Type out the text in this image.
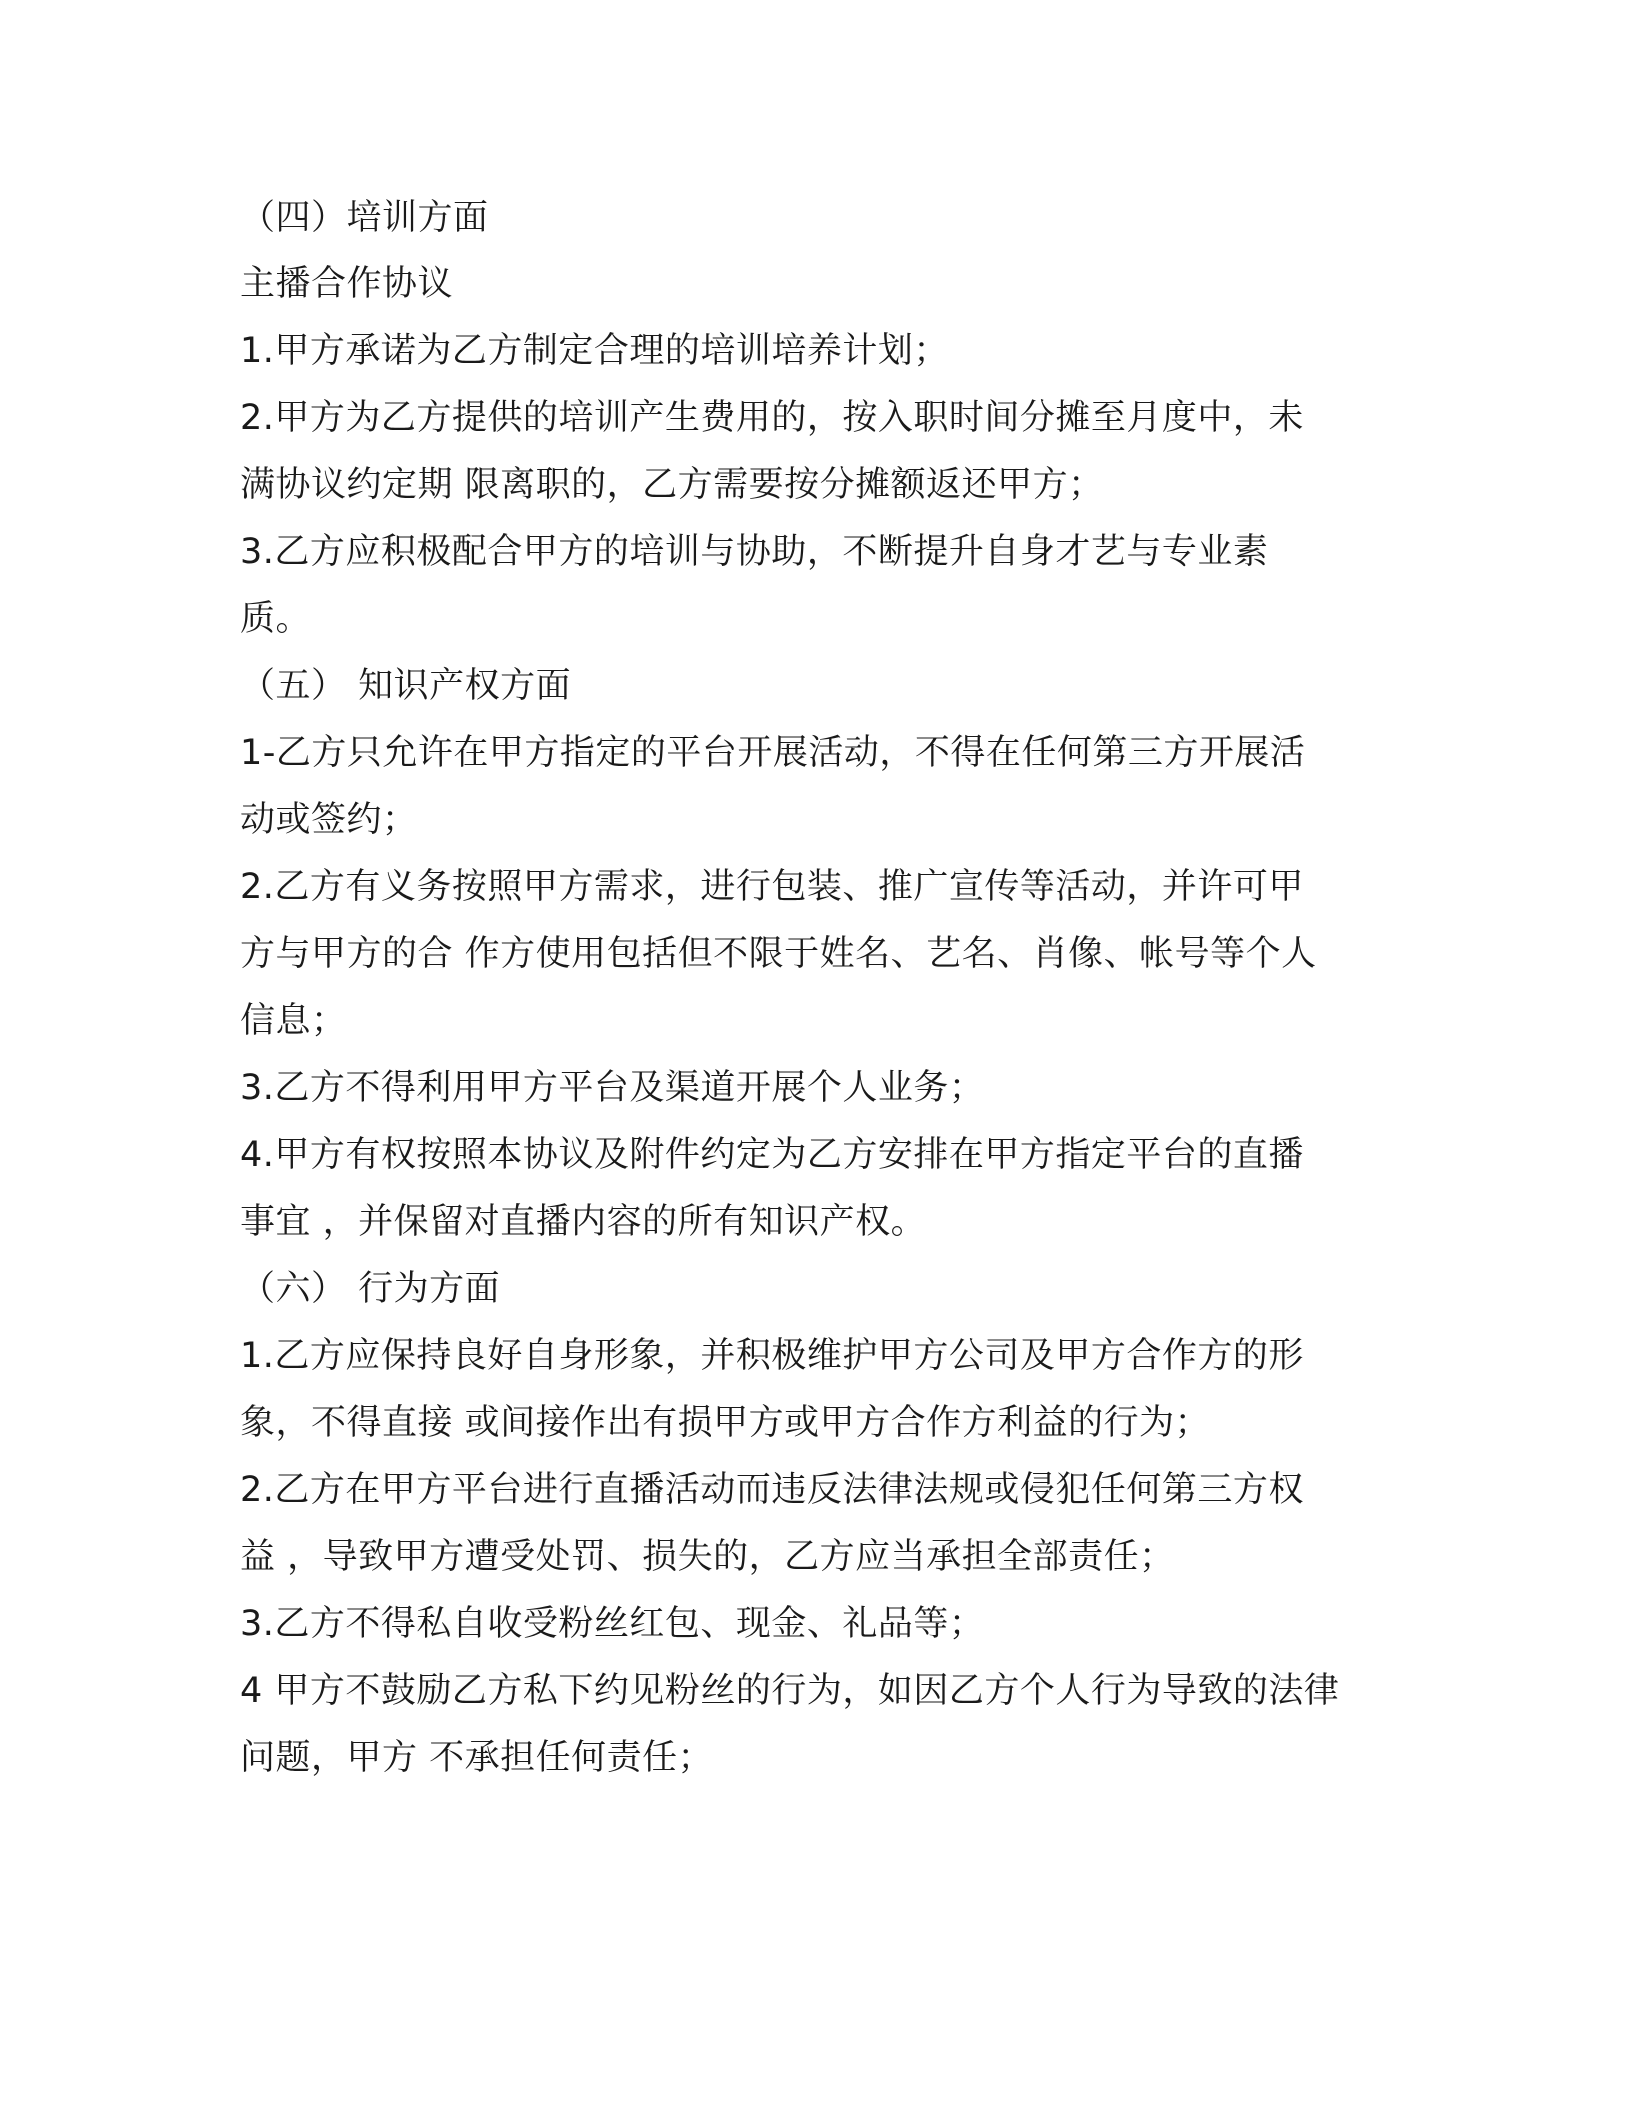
（四）培训方面
主播合作协议
1.甲方承诺为乙方制定合理的培训培养计划；
2.甲方为乙方提供的培训产生费用的，按入职时间分摊至月度中，未
满协议约定期 限离职的，乙方需要按分摊额返还甲方；
3.乙方应积极配合甲方的培训与协助，不断提升自身才艺与专业素
质。
（五） 知识产权方面
1-乙方只允许在甲方指定的平台开展活动，不得在任何第三方开展活
动或签约；
2.乙方有义务按照甲方需求，进行包装、推广宣传等活动，并许可甲
方与甲方的合 作方使用包括但不限于姓名、艺名、肖像、帐号等个人
信息；
3.乙方不得利用甲方平台及渠道开展个人业务；
4.甲方有权按照本协议及附件约定为乙方安排在甲方指定平台的直播
事宜 ，并保留对直播内容的所有知识产权。
（六） 行为方面
1.乙方应保持良好自身形象，并积极维护甲方公司及甲方合作方的形
象，不得直接 或间接作出有损甲方或甲方合作方利益的行为；
2.乙方在甲方平台进行直播活动而违反法律法规或侵犯任何第三方权
益 ，导致甲方遭受处罚、损失的，乙方应当承担全部责任；
3.乙方不得私自收受粉丝红包、现金、礼品等；
4 甲方不鼓励乙方私下约见粉丝的行为，如因乙方个人行为导致的法律
问题，甲方 不承担任何责任；
